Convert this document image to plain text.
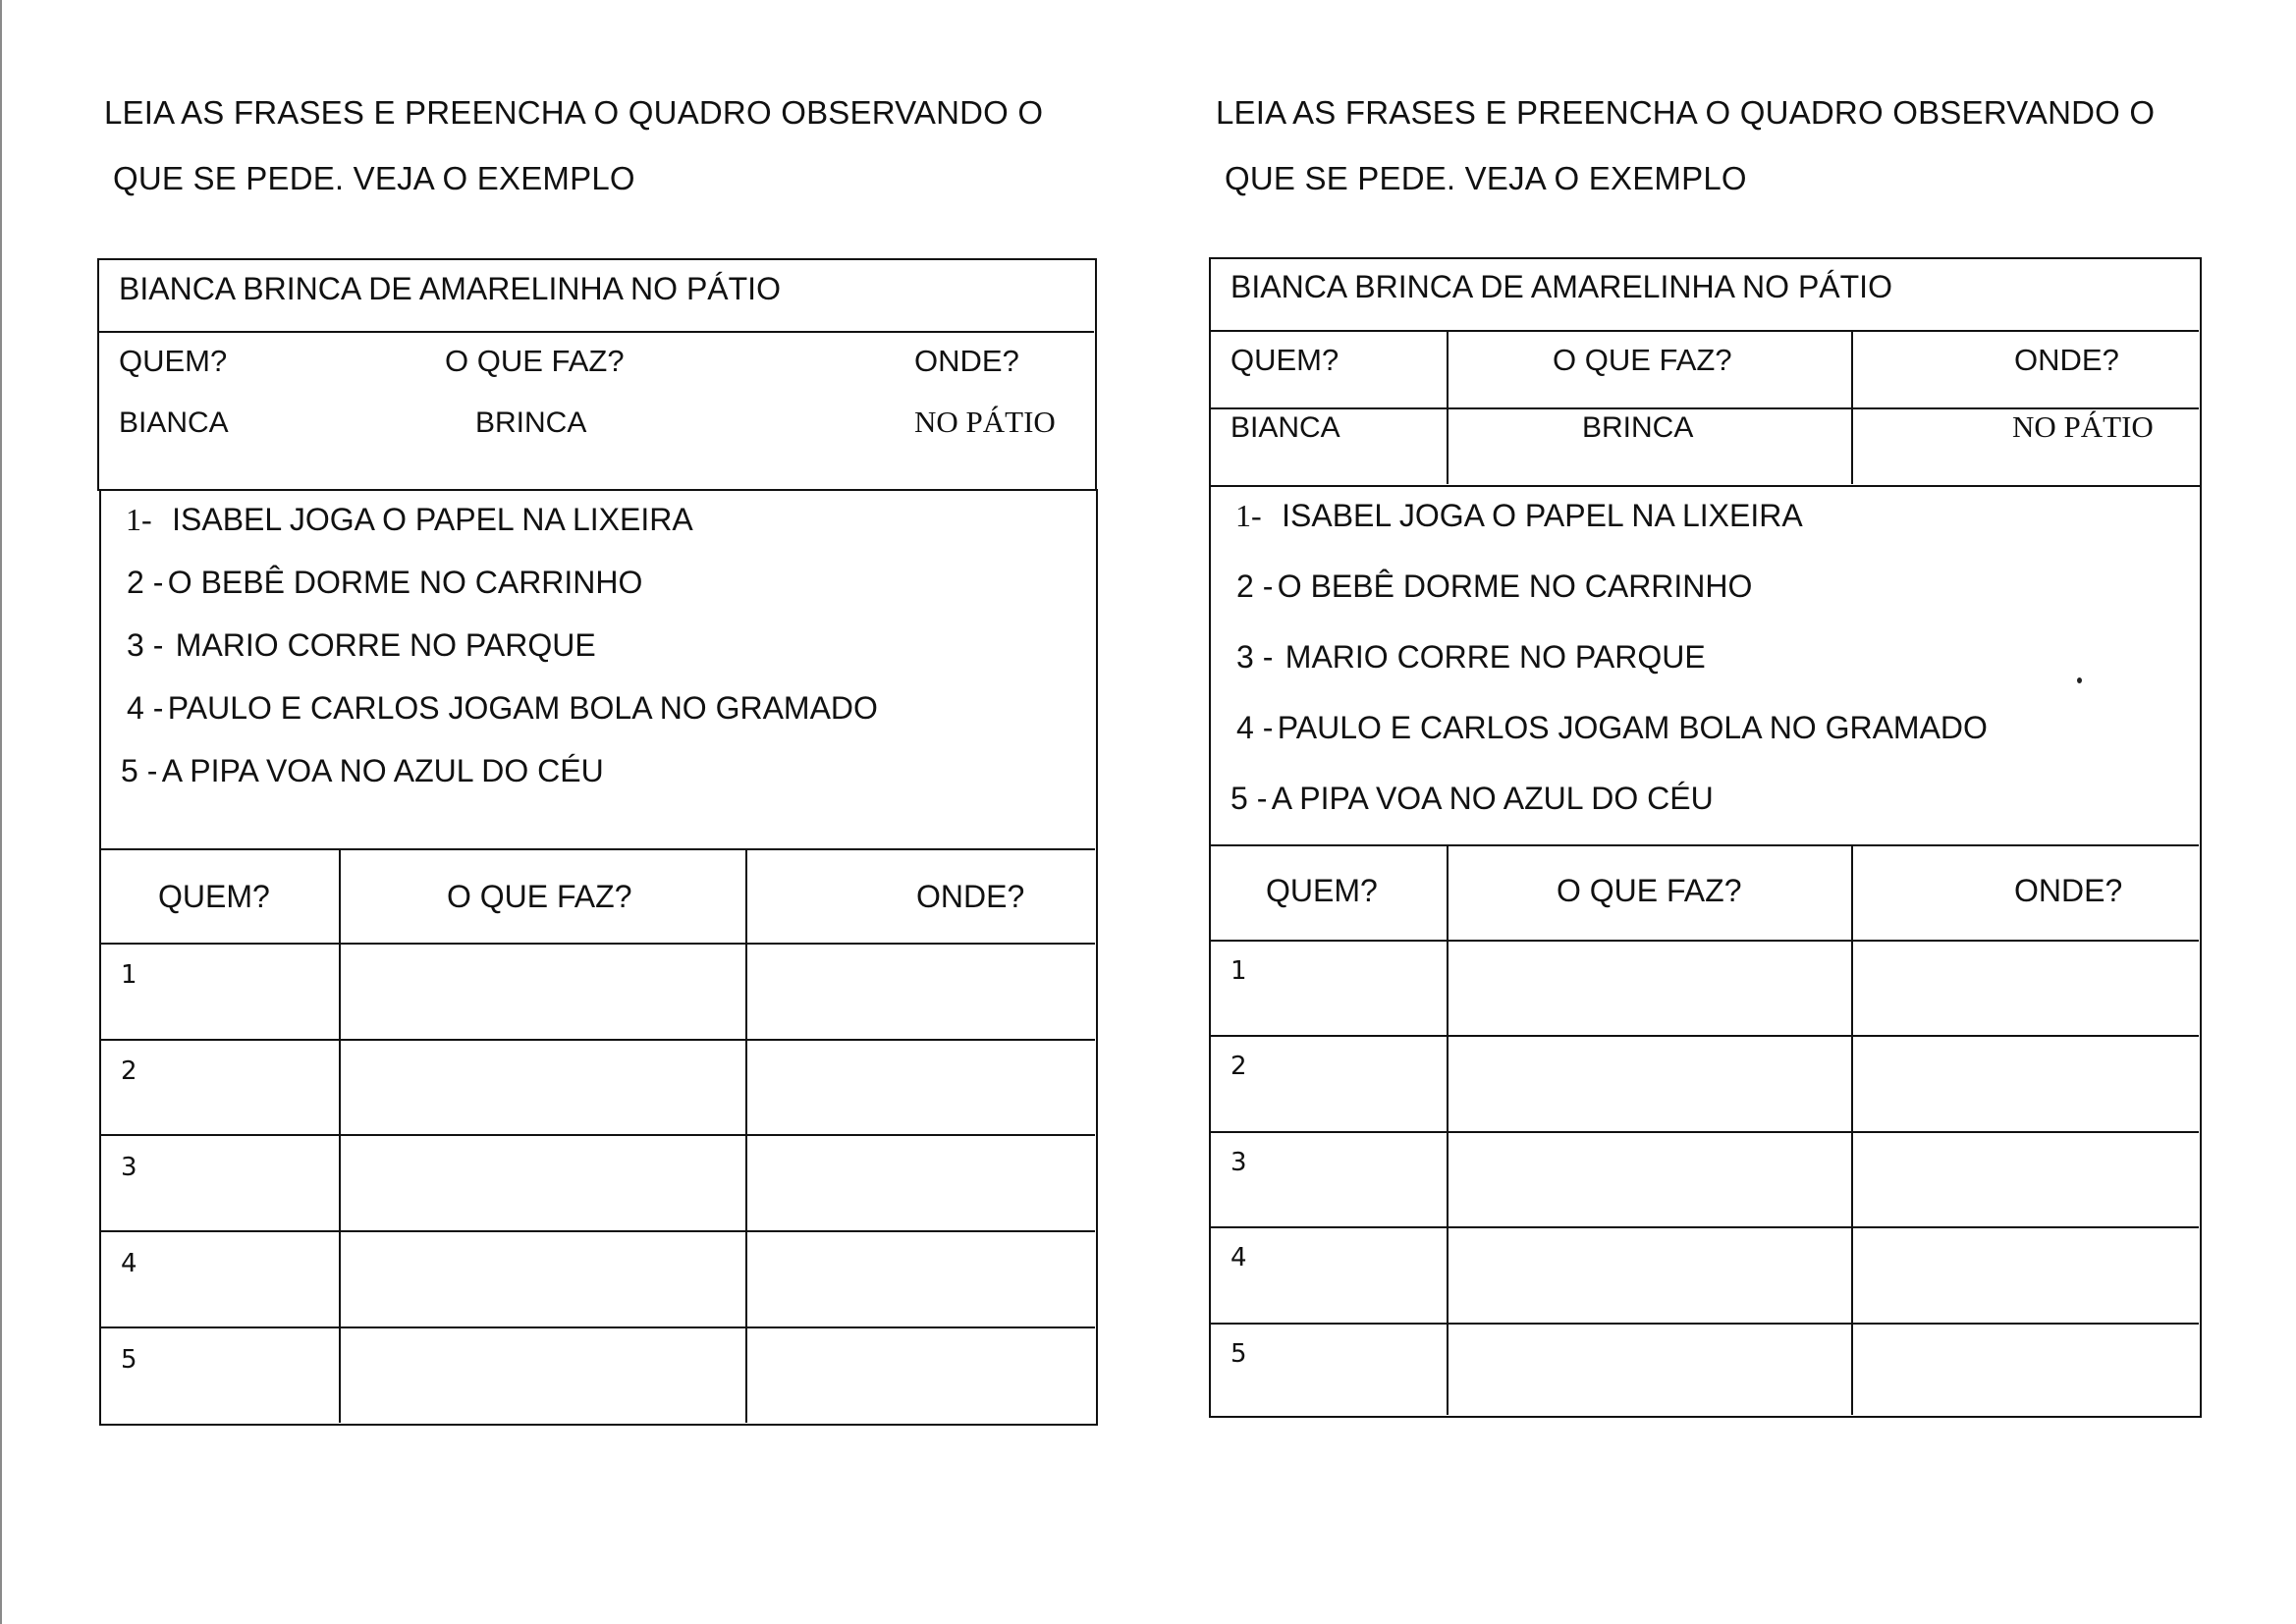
LEIA AS FRASES E PREENCHA O QUADRO OBSERVANDO O
QUE SE PEDE. VEJA O EXEMPLO
BIANCA BRINCA DE AMARELINHA NO PÁTIO
QUEM?	O QUE FAZ?	ONDE?
BIANCA	BRINCA	NO PÁTIO
1- ISABEL JOGA O PAPEL NA LIXEIRA
2 - O BEBÊ DORME NO CARRINHO
3 - MARIO CORRE NO PARQUE
4 - PAULO E CARLOS JOGAM BOLA NO GRAMADO
5 - A PIPA VOA NO AZUL DO CÉU
QUEM?	O QUE FAZ?	ONDE?
1
2
3
4
5
LEIA AS FRASES E PREENCHA O QUADRO OBSERVANDO O
QUE SE PEDE. VEJA O EXEMPLO
BIANCA BRINCA DE AMARELINHA NO PÁTIO
QUEM?	O QUE FAZ?	ONDE?
BIANCA	BRINCA	NO PÁTIO
1- ISABEL JOGA O PAPEL NA LIXEIRA
2 - O BEBÊ DORME NO CARRINHO
3 - MARIO CORRE NO PARQUE
4 - PAULO E CARLOS JOGAM BOLA NO GRAMADO
5 - A PIPA VOA NO AZUL DO CÉU
QUEM?	O QUE FAZ?	ONDE?
1
2
3
4
5
